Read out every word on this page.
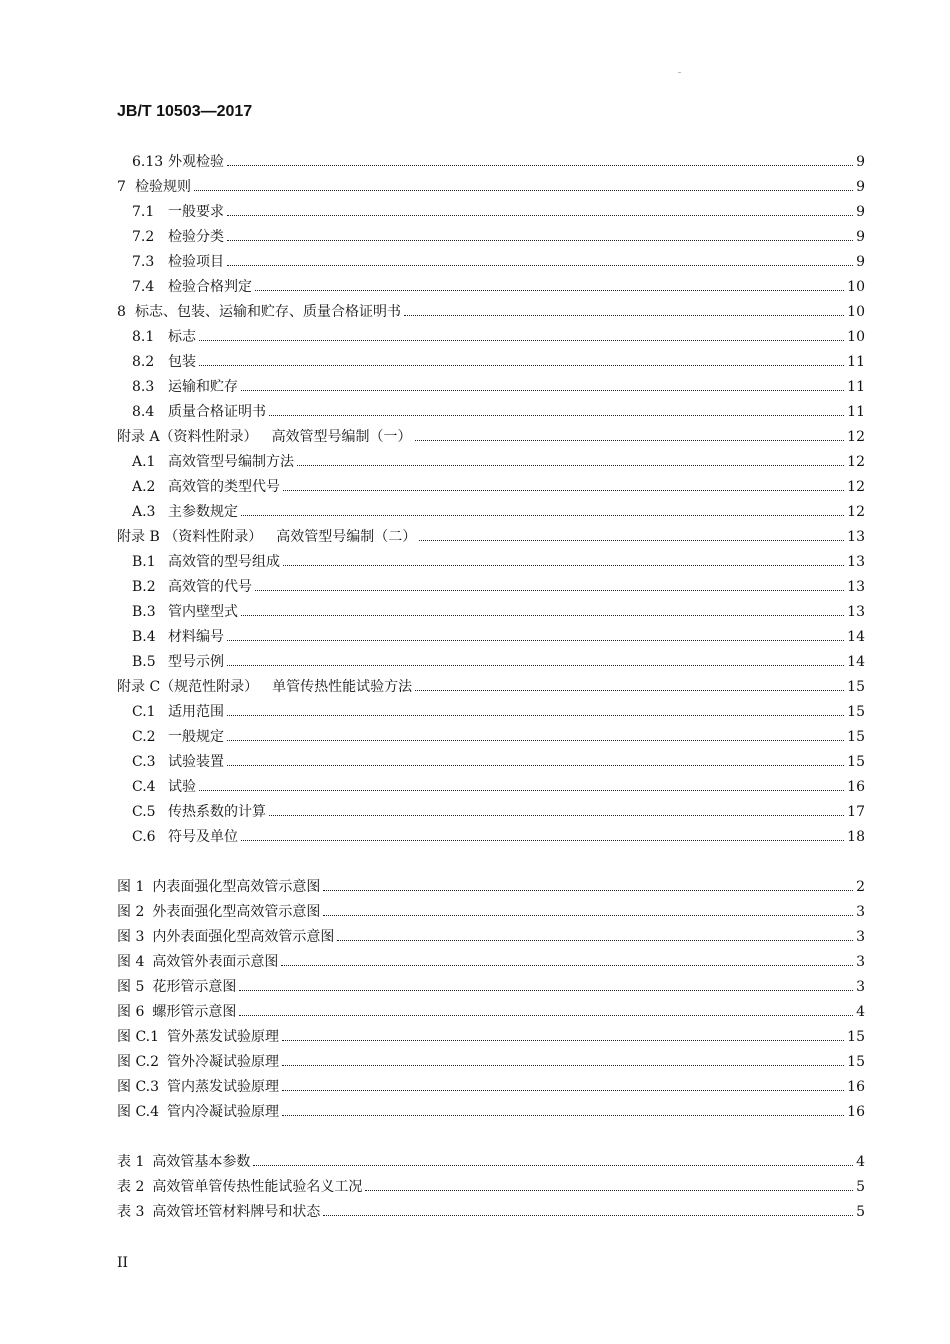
JB/T 10503—2017
6.13 外观检验	9
7 检验规则	9
7.1 一般要求	9
7.2 检验分类	9
7.3 检验项目	9
7.4 检验合格判定	10
8 标志、包装、运输和贮存、质量合格证明书	10
8.1 标志	10
8.2 包装	11
8.3 运输和贮存	11
8.4 质量合格证明书	11
附录 A（资料性附录） 高效管型号编制（一）	12
A.1 高效管型号编制方法	12
A.2 高效管的类型代号	12
A.3 主参数规定	12
附录 B （资料性附录） 高效管型号编制（二）	13
B.1 高效管的型号组成	13
B.2 高效管的代号	13
B.3 管内壁型式	13
B.4 材料编号	14
B.5 型号示例	14
附录 C（规范性附录） 单管传热性能试验方法	15
C.1 适用范围	15
C.2 一般规定	15
C.3 试验装置	15
C.4 试验	16
C.5 传热系数的计算	17
C.6 符号及单位	18
图 1 内表面强化型高效管示意图	2
图 2 外表面强化型高效管示意图	3
图 3 内外表面强化型高效管示意图	3
图 4 高效管外表面示意图	3
图 5 花形管示意图	3
图 6 螺形管示意图	4
图 C.1 管外蒸发试验原理	15
图 C.2 管外冷凝试验原理	15
图 C.3 管内蒸发试验原理	16
图 C.4 管内冷凝试验原理	16
表 1 高效管基本参数	4
表 2 高效管单管传热性能试验名义工况	5
表 3 高效管坯管材料牌号和状态	5
II
